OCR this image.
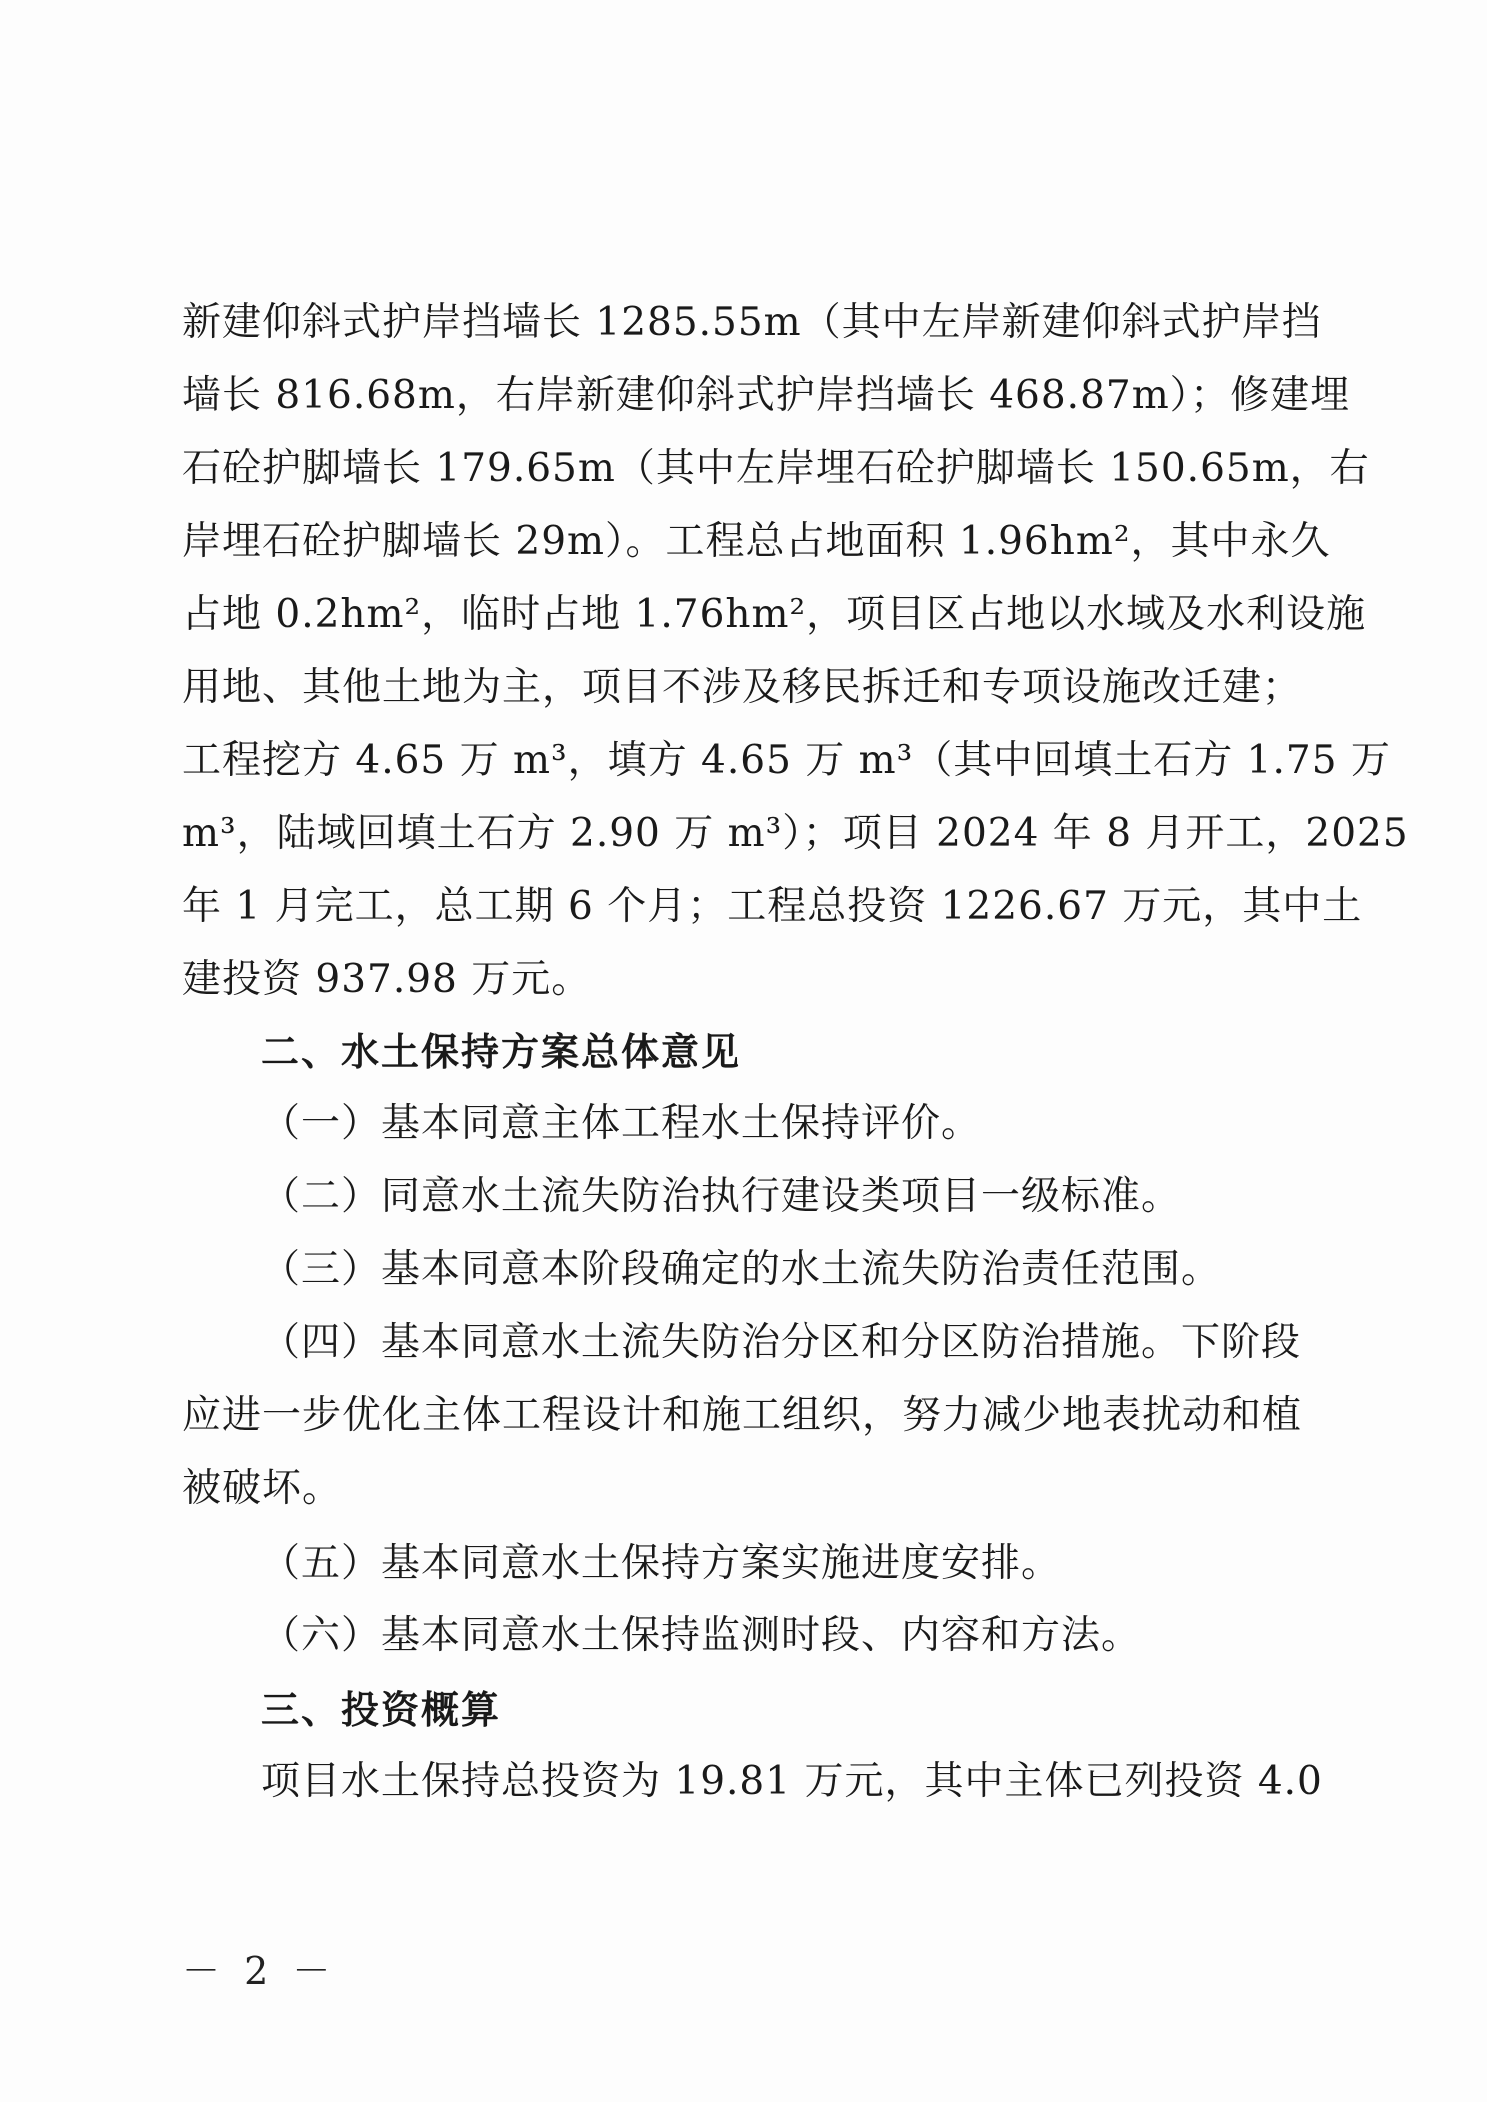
新建仰斜式护岸挡墙长 1285.55m（其中左岸新建仰斜式护岸挡
墙长 816.68m，右岸新建仰斜式护岸挡墙长 468.87m）；修建埋
石砼护脚墙长 179.65m（其中左岸埋石砼护脚墙长 150.65m，右
岸埋石砼护脚墙长 29m）。工程总占地面积 1.96hm²，其中永久
占地 0.2hm²，临时占地 1.76hm²，项目区占地以水域及水利设施
用地、其他土地为主，项目不涉及移民拆迁和专项设施改迁建；
工程挖方 4.65 万 m³，填方 4.65 万 m³（其中回填土石方 1.75 万
m³，陆域回填土石方 2.90 万 m³）；项目 2024 年 8 月开工，2025
年 1 月完工，总工期 6 个月；工程总投资 1226.67 万元，其中土
建投资 937.98 万元。
二、水土保持方案总体意见
（一）基本同意主体工程水土保持评价。
（二）同意水土流失防治执行建设类项目一级标准。
（三）基本同意本阶段确定的水土流失防治责任范围。
（四）基本同意水土流失防治分区和分区防治措施。下阶段
应进一步优化主体工程设计和施工组织，努力减少地表扰动和植
被破坏。
（五）基本同意水土保持方案实施进度安排。
（六）基本同意水土保持监测时段、内容和方法。
三、投资概算
项目水土保持总投资为 19.81 万元，其中主体已列投资 4.0
－ 2 －
